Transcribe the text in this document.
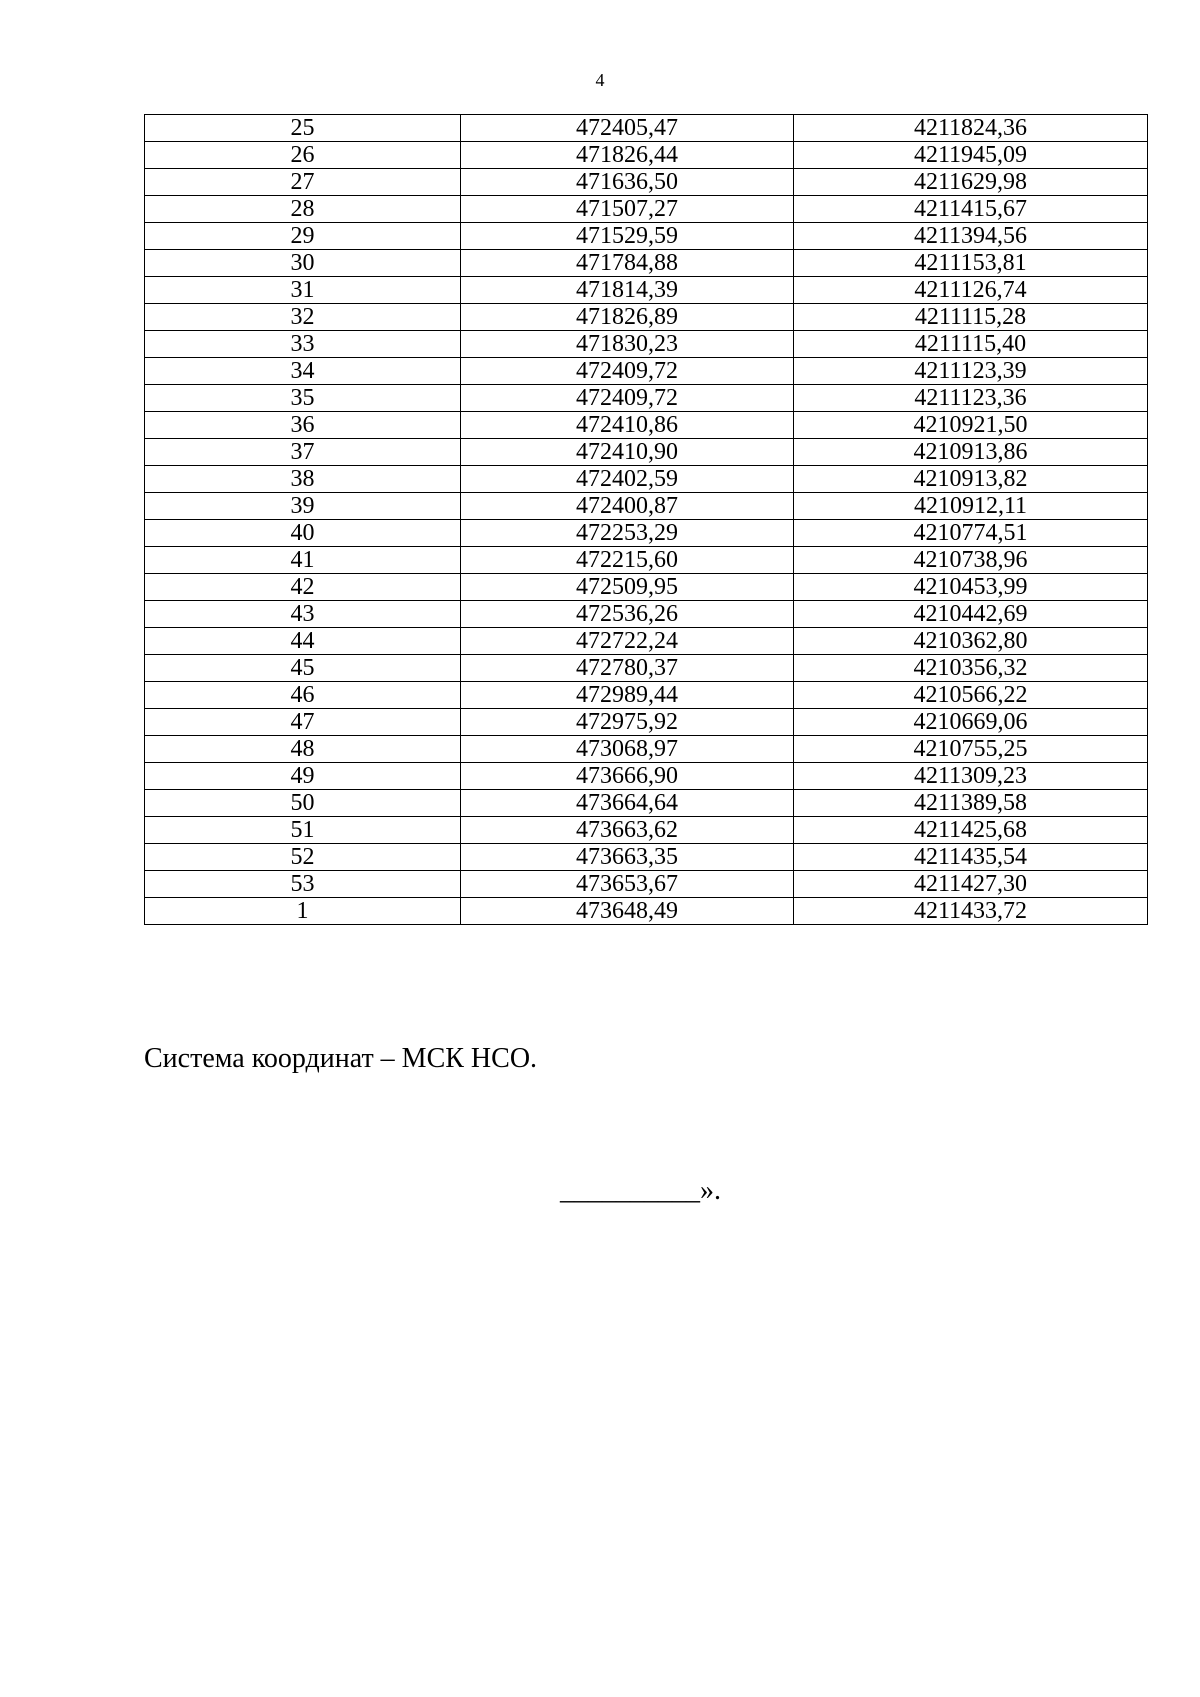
4
25	472405,47	4211824,36
26	471826,44	4211945,09
27	471636,50	4211629,98
28	471507,27	4211415,67
29	471529,59	4211394,56
30	471784,88	4211153,81
31	471814,39	4211126,74
32	471826,89	4211115,28
33	471830,23	4211115,40
34	472409,72	4211123,39
35	472409,72	4211123,36
36	472410,86	4210921,50
37	472410,90	4210913,86
38	472402,59	4210913,82
39	472400,87	4210912,11
40	472253,29	4210774,51
41	472215,60	4210738,96
42	472509,95	4210453,99
43	472536,26	4210442,69
44	472722,24	4210362,80
45	472780,37	4210356,32
46	472989,44	4210566,22
47	472975,92	4210669,06
48	473068,97	4210755,25
49	473666,90	4211309,23
50	473664,64	4211389,58
51	473663,62	4211425,68
52	473663,35	4211435,54
53	473653,67	4211427,30
1	473648,49	4211433,72
Система координат – МСК НСО.
__________».
